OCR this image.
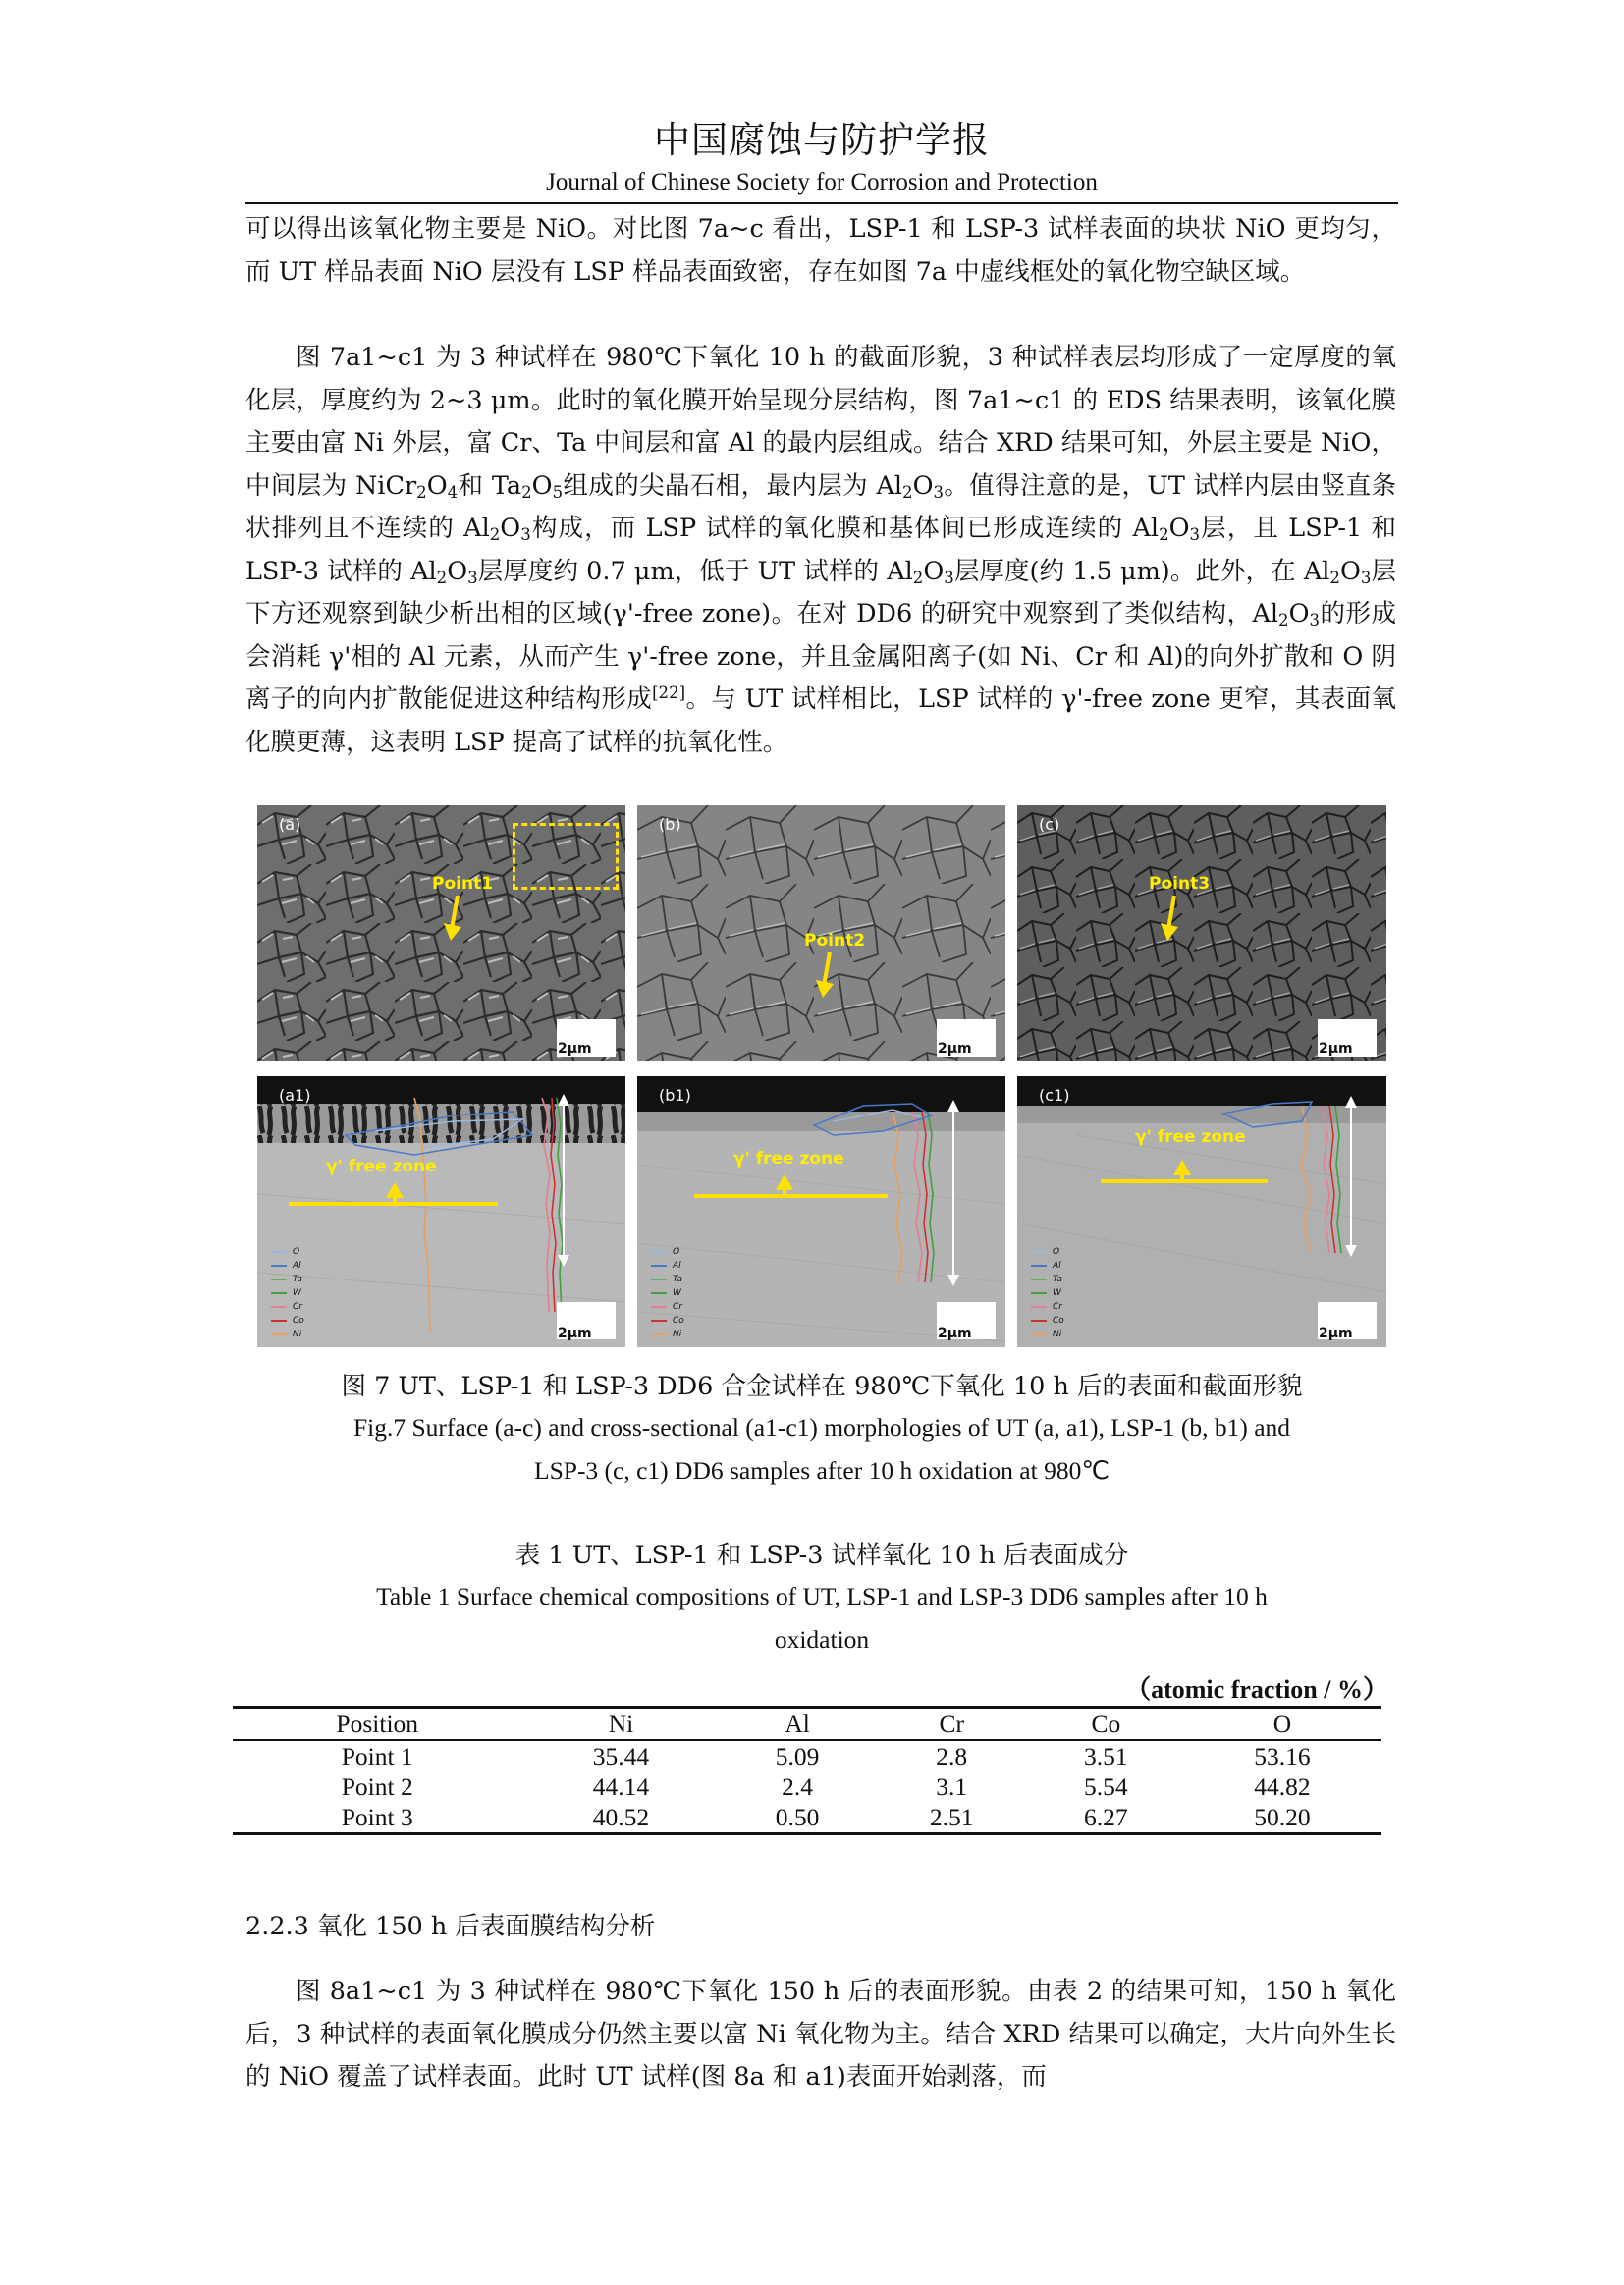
中国腐蚀与防护学报
Journal of Chinese Society for Corrosion and Protection

可以得出该氧化物主要是 NiO。对比图 7a~c 看出，LSP-1 和 LSP-3 试样表面的块状 NiO 更均匀，而 UT 样品表面 NiO 层没有 LSP 样品表面致密，存在如图 7a 中虚线框处的氧化物空缺区域。

图 7a1~c1 为 3 种试样在 980℃下氧化 10 h 的截面形貌，3 种试样表层均形成了一定厚度的氧化层，厚度约为 2~3 μm。此时的氧化膜开始呈现分层结构，图 7a1~c1 的 EDS 结果表明，该氧化膜主要由富 Ni 外层，富 Cr、Ta 中间层和富 Al 的最内层组成。结合 XRD 结果可知，外层主要是 NiO，中间层为 $NiCr_2O_4$和 $Ta_2O_5$组成的尖晶石相，最内层为 $Al_2O_3$。值得注意的是，UT 试样内层由竖直条状排列且不连续的 $Al_2O_3$构成，而 LSP 试样的氧化膜和基体间已形成连续的 $Al_2O_3$层，且 LSP-1 和 LSP-3 试样的 $Al_2O_3$层厚度约 0.7 μm，低于 UT 试样的 $Al_2O_3$层厚度(约 1.5 μm)。此外，在 $Al_2O_3$层下方还观察到缺少析出相的区域(γ'-free zone)。在对 DD6 的研究中观察到了类似结构，$Al_2O_3$的形成会消耗 γ'相的 Al 元素，从而产生 γ'-free zone，并且金属阳离子(如 Ni、Cr 和 Al)的向外扩散和 O 阴离子的向内扩散能促进这种结构形成[22]。与 UT 试样相比，LSP 试样的 γ'-free zone 更窄，其表面氧化膜更薄，这表明 LSP 提高了试样的抗氧化性。

(a)
Point1
2μm
(b)
Point2
2μm
(c)
Point3
2μm
(a1)
γ' free zone
O
Al
Ta
W
Cr
Co
Ni	2μm
(b1)
γ' free zone
O
Al
Ta
W
Cr
Co
Ni	2μm
(c1)
γ' free zone
O
Al
Ta
W
Cr
Co
Ni	2μm
图 7 UT、LSP-1 和 LSP-3 DD6 合金试样在 980℃下氧化 10 h 后的表面和截面形貌
Fig.7 Surface (a-c) and cross-sectional (a1-c1) morphologies of UT (a, a1), LSP-1 (b, b1) and
LSP-3 (c, c1) DD6 samples after 10 h oxidation at 980℃
表 1 UT、LSP-1 和 LSP-3 试样氧化 10 h 后表面成分
Table 1 Surface chemical compositions of UT, LSP-1 and LSP-3 DD6 samples after 10 h
oxidation
（atomic fraction / %）
Position	Ni	Al	Cr	Co	O
Point 1	35.44	5.09	2.8	3.51	53.16
Point 2	44.14	2.4	3.1	5.54	44.82
Point 3	40.52	0.50	2.51	6.27	50.20
2.2.3 氧化 150 h 后表面膜结构分析

图 8a1~c1 为 3 种试样在 980℃下氧化 150 h 后的表面形貌。由表 2 的结果可知，150 h 氧化后，3 种试样的表面氧化膜成分仍然主要以富 Ni 氧化物为主。结合 XRD 结果可以确定，大片向外生长的 NiO 覆盖了试样表面。此时 UT 试样(图 8a 和 a1)表面开始剥落，而
